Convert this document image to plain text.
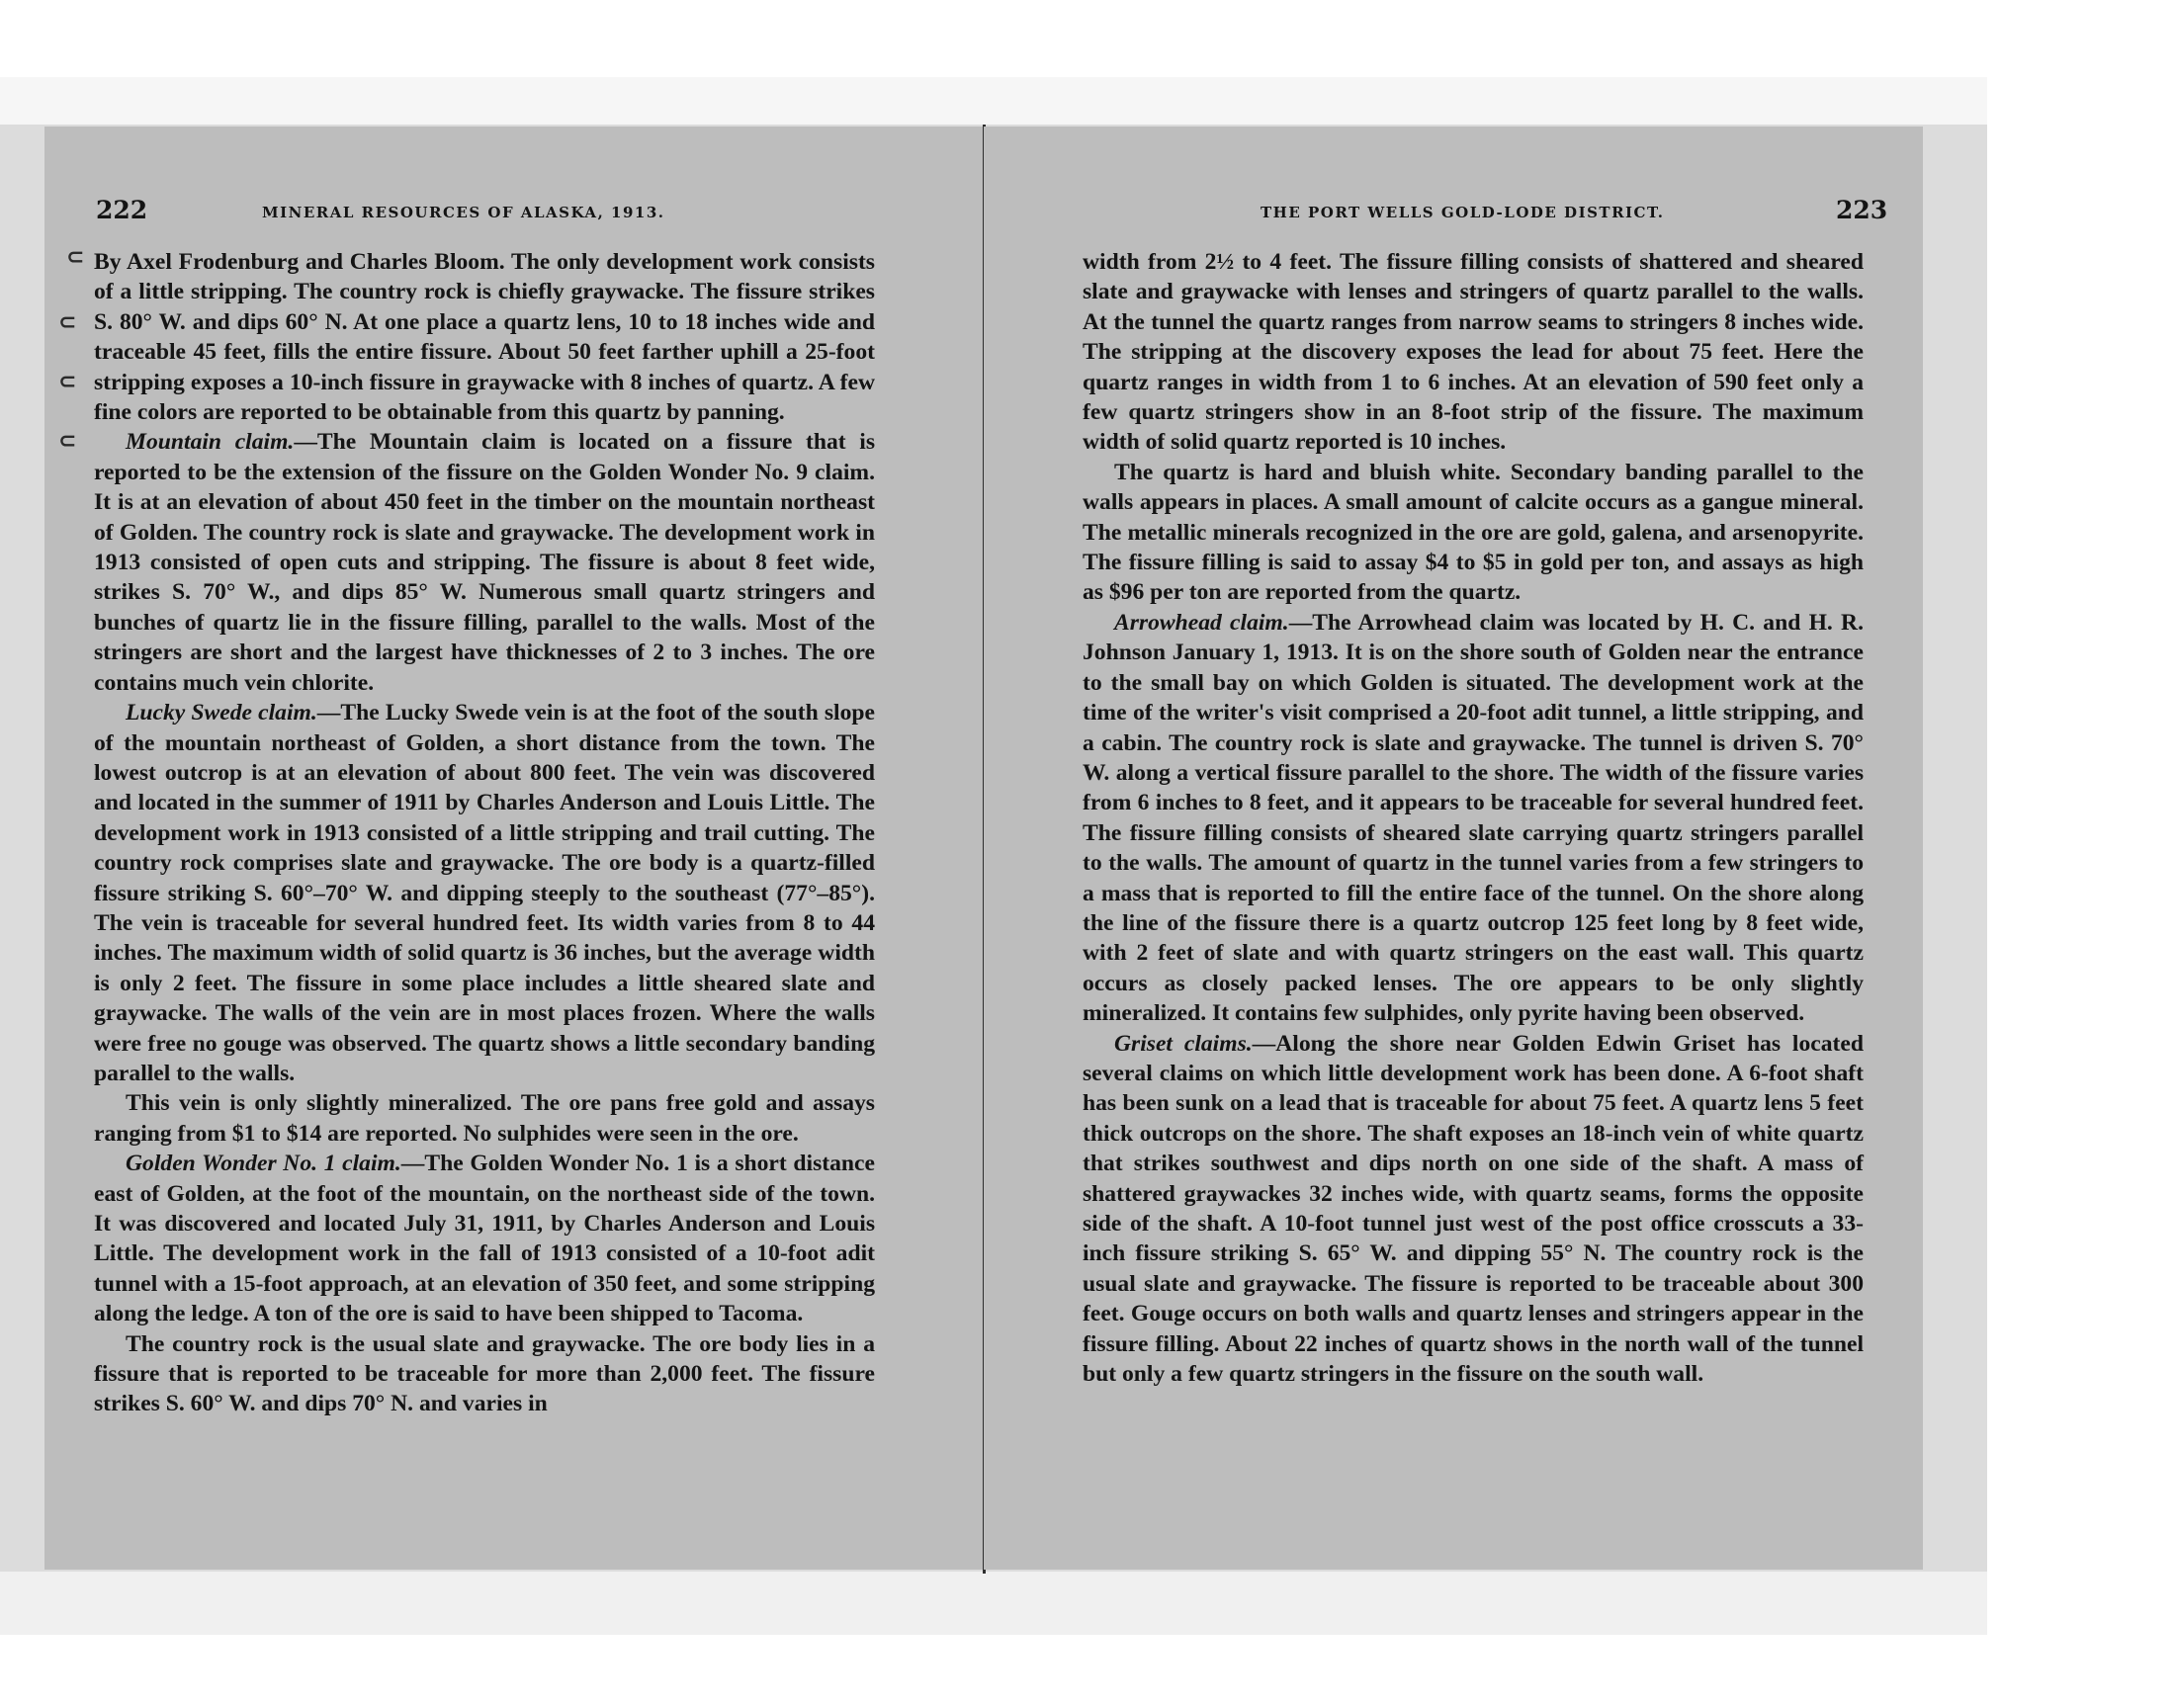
222	MINERAL RESOURCES OF ALASKA, 1913.

By Axel Frodenburg and Charles Bloom. The only development work consists of a little stripping. The country rock is chiefly graywacke. The fissure strikes S. 80° W. and dips 60° N. At one place a quartz lens, 10 to 18 inches wide and traceable 45 feet, fills the entire fissure. About 50 feet farther uphill a 25-foot stripping exposes a 10-inch fissure in graywacke with 8 inches of quartz. A few fine colors are reported to be obtainable from this quartz by panning.

Mountain claim.—The Mountain claim is located on a fissure that is reported to be the extension of the fissure on the Golden Wonder No. 9 claim. It is at an elevation of about 450 feet in the timber on the mountain northeast of Golden. The country rock is slate and graywacke. The development work in 1913 consisted of open cuts and stripping. The fissure is about 8 feet wide, strikes S. 70° W., and dips 85° W. Numerous small quartz stringers and bunches of quartz lie in the fissure filling, parallel to the walls. Most of the stringers are short and the largest have thicknesses of 2 to 3 inches. The ore contains much vein chlorite.

Lucky Swede claim.—The Lucky Swede vein is at the foot of the south slope of the mountain northeast of Golden, a short distance from the town. The lowest outcrop is at an elevation of about 800 feet. The vein was discovered and located in the summer of 1911 by Charles Anderson and Louis Little. The development work in 1913 consisted of a little stripping and trail cutting. The country rock comprises slate and graywacke. The ore body is a quartz-filled fissure striking S. 60°–70° W. and dipping steeply to the southeast (77°–85°). The vein is traceable for several hundred feet. Its width varies from 8 to 44 inches. The maximum width of solid quartz is 36 inches, but the average width is only 2 feet. The fissure in some place includes a little sheared slate and graywacke. The walls of the vein are in most places frozen. Where the walls were free no gouge was observed. The quartz shows a little secondary banding parallel to the walls.

This vein is only slightly mineralized. The ore pans free gold and assays ranging from $1 to $14 are reported. No sulphides were seen in the ore.

Golden Wonder No. 1 claim.—The Golden Wonder No. 1 is a short distance east of Golden, at the foot of the mountain, on the northeast side of the town. It was discovered and located July 31, 1911, by Charles Anderson and Louis Little. The development work in the fall of 1913 consisted of a 10-foot adit tunnel with a 15-foot approach, at an elevation of 350 feet, and some stripping along the ledge. A ton of the ore is said to have been shipped to Tacoma.

The country rock is the usual slate and graywacke. The ore body lies in a fissure that is reported to be traceable for more than 2,000 feet. The fissure strikes S. 60° W. and dips 70° N. and varies in

⊂
⊂
⊂
⊂
THE PORT WELLS GOLD-LODE DISTRICT.	223

width from 2½ to 4 feet. The fissure filling consists of shattered and sheared slate and graywacke with lenses and stringers of quartz parallel to the walls. At the tunnel the quartz ranges from narrow seams to stringers 8 inches wide. The stripping at the discovery exposes the lead for about 75 feet. Here the quartz ranges in width from 1 to 6 inches. At an elevation of 590 feet only a few quartz stringers show in an 8-foot strip of the fissure. The maximum width of solid quartz reported is 10 inches.

The quartz is hard and bluish white. Secondary banding parallel to the walls appears in places. A small amount of calcite occurs as a gangue mineral. The metallic minerals recognized in the ore are gold, galena, and arsenopyrite. The fissure filling is said to assay $4 to $5 in gold per ton, and assays as high as $96 per ton are reported from the quartz.

Arrowhead claim.—The Arrowhead claim was located by H. C. and H. R. Johnson January 1, 1913. It is on the shore south of Golden near the entrance to the small bay on which Golden is situated. The development work at the time of the writer's visit comprised a 20-foot adit tunnel, a little stripping, and a cabin. The country rock is slate and graywacke. The tunnel is driven S. 70° W. along a vertical fissure parallel to the shore. The width of the fissure varies from 6 inches to 8 feet, and it appears to be traceable for several hundred feet. The fissure filling consists of sheared slate carrying quartz stringers parallel to the walls. The amount of quartz in the tunnel varies from a few stringers to a mass that is reported to fill the entire face of the tunnel. On the shore along the line of the fissure there is a quartz outcrop 125 feet long by 8 feet wide, with 2 feet of slate and with quartz stringers on the east wall. This quartz occurs as closely packed lenses. The ore appears to be only slightly mineralized. It contains few sulphides, only pyrite having been observed.

Griset claims.—Along the shore near Golden Edwin Griset has located several claims on which little development work has been done. A 6-foot shaft has been sunk on a lead that is traceable for about 75 feet. A quartz lens 5 feet thick outcrops on the shore. The shaft exposes an 18-inch vein of white quartz that strikes southwest and dips north on one side of the shaft. A mass of shattered graywackes 32 inches wide, with quartz seams, forms the opposite side of the shaft. A 10-foot tunnel just west of the post office crosscuts a 33-inch fissure striking S. 65° W. and dipping 55° N. The country rock is the usual slate and graywacke. The fissure is reported to be traceable about 300 feet. Gouge occurs on both walls and quartz lenses and stringers appear in the fissure filling. About 22 inches of quartz shows in the north wall of the tunnel but only a few quartz stringers in the fissure on the south wall.
